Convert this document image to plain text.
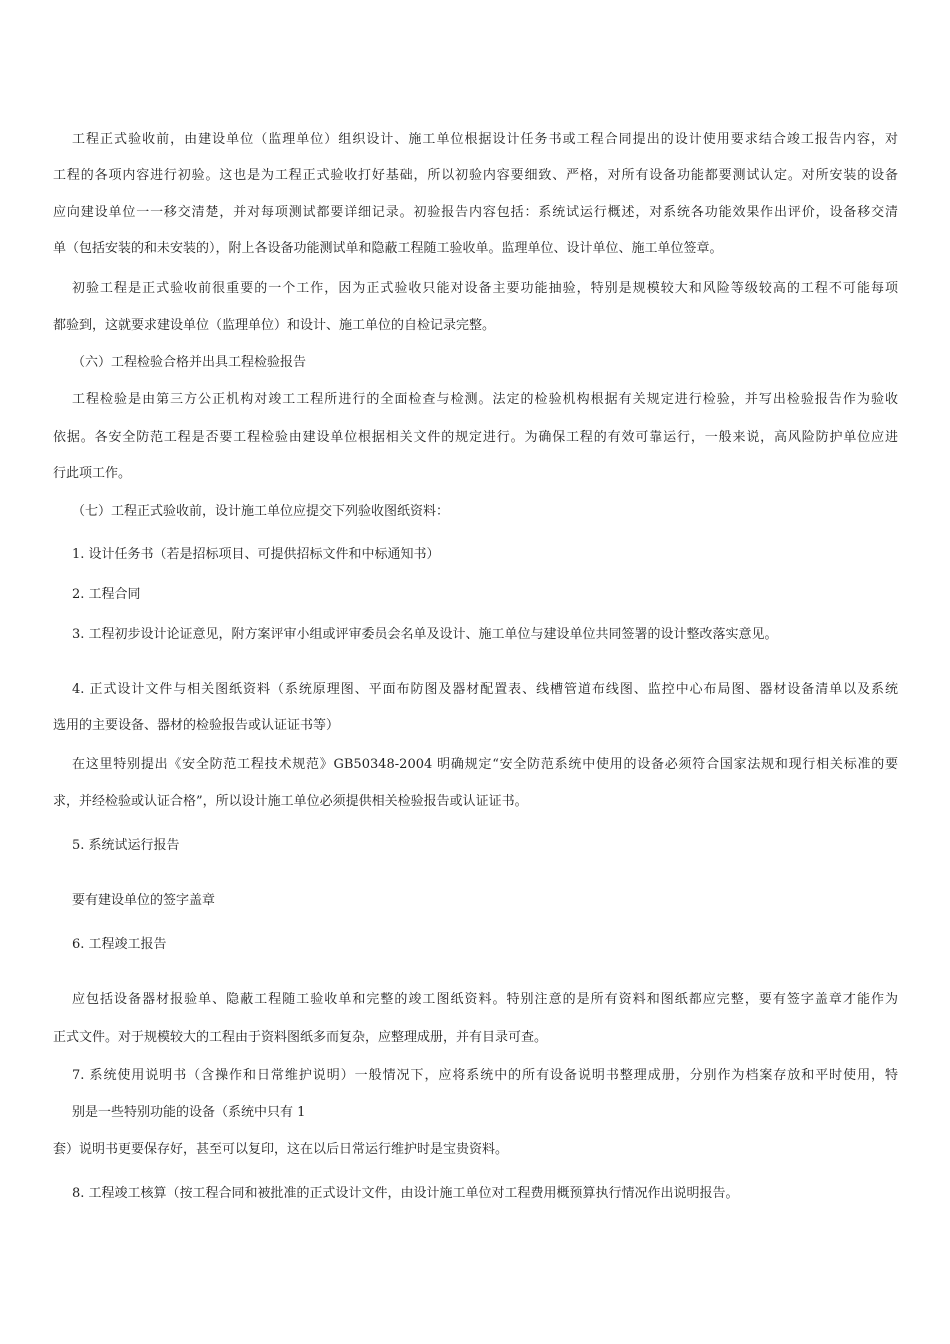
工程正式验收前，由建设单位（监理单位）组织设计、施工单位根据设计任务书或工程合同提出的设计使用要求结合竣工报告内容，对
工程的各项内容进行初验。这也是为工程正式验收打好基础，所以初验内容要细致、严格，对所有设备功能都要测试认定。对所安装的设备
应向建设单位一一移交清楚，并对每项测试都要详细记录。初验报告内容包括：系统试运行概述，对系统各功能效果作出评价，设备移交清
单（包括安装的和未安装的），附上各设备功能测试单和隐蔽工程随工验收单。监理单位、设计单位、施工单位签章。
初验工程是正式验收前很重要的一个工作，因为正式验收只能对设备主要功能抽验，特别是规模较大和风险等级较高的工程不可能每项
都验到，这就要求建设单位（监理单位）和设计、施工单位的自检记录完整。
（六）工程检验合格并出具工程检验报告
工程检验是由第三方公正机构对竣工工程所进行的全面检查与检测。法定的检验机构根据有关规定进行检验，并写出检验报告作为验收
依据。各安全防范工程是否要工程检验由建设单位根据相关文件的规定进行。为确保工程的有效可靠运行，一般来说，高风险防护单位应进
行此项工作。
（七）工程正式验收前，设计施工单位应提交下列验收图纸资料：
1. 设计任务书（若是招标项目、可提供招标文件和中标通知书）
2. 工程合同
3. 工程初步设计论证意见，附方案评审小组或评审委员会名单及设计、施工单位与建设单位共同签署的设计整改落实意见。
4. 正式设计文件与相关图纸资料（系统原理图、平面布防图及器材配置表、线槽管道布线图、监控中心布局图、器材设备清单以及系统
选用的主要设备、器材的检验报告或认证证书等）
在这里特别提出《安全防范工程技术规范》GB50348-2004 明确规定“安全防范系统中使用的设备必须符合国家法规和现行相关标准的要
求，并经检验或认证合格”，所以设计施工单位必须提供相关检验报告或认证证书。
5. 系统试运行报告
要有建设单位的签字盖章
6. 工程竣工报告
应包括设备器材报验单、隐蔽工程随工验收单和完整的竣工图纸资料。特别注意的是所有资料和图纸都应完整，要有签字盖章才能作为
正式文件。对于规模较大的工程由于资料图纸多而复杂，应整理成册，并有目录可查。
7. 系统使用说明书（含操作和日常维护说明）一般情况下，应将系统中的所有设备说明书整理成册，分别作为档案存放和平时使用，特
别是一些特别功能的设备（系统中只有 1
套）说明书更要保存好，甚至可以复印，这在以后日常运行维护时是宝贵资料。
8. 工程竣工核算（按工程合同和被批准的正式设计文件，由设计施工单位对工程费用概预算执行情况作出说明报告。
